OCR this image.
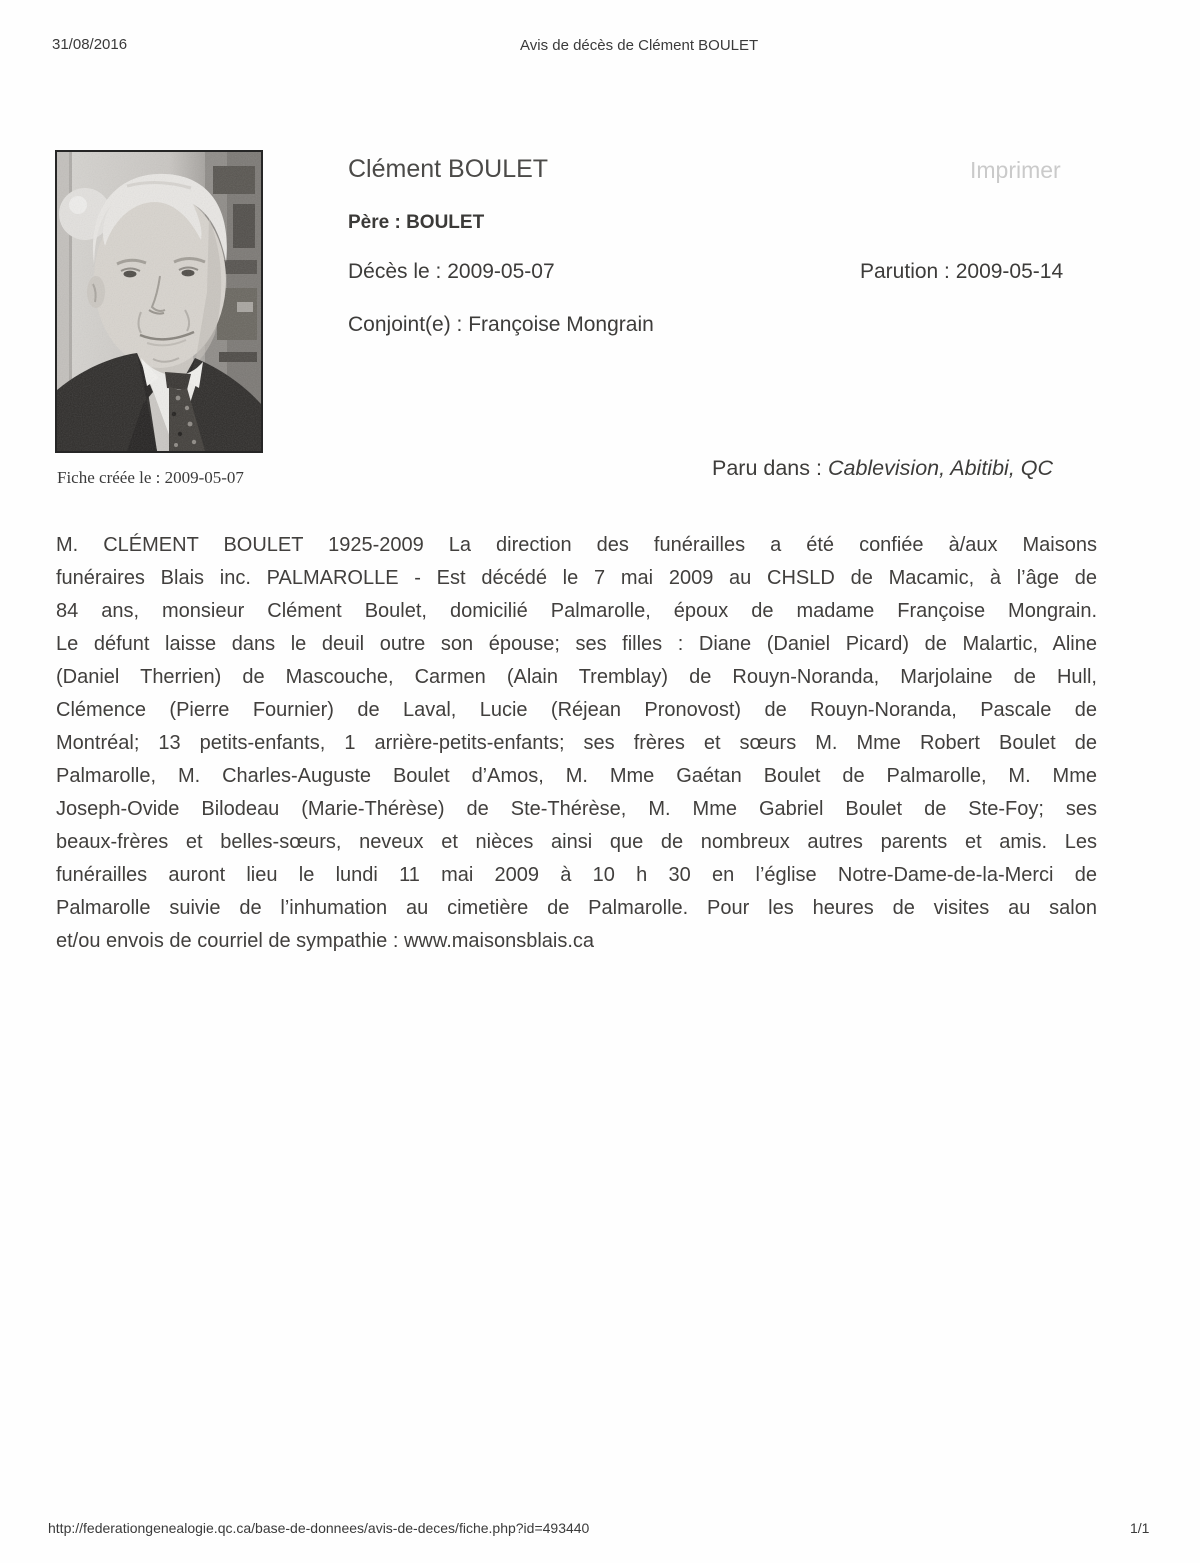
31/08/2016	Avis de décès de Clément BOULET
Fiche créée le : 2009-05-07
Clément BOULET	Imprimer
Père : BOULET
Décès le : 2009-05-07	Parution : 2009-05-14
Conjoint(e) : Françoise Mongrain
Paru dans : Cablevision, Abitibi, QC
M. CLÉMENT BOULET 1925-2009 La direction des funérailles a été confiée à/aux Maisons
funéraires Blais inc. PALMAROLLE - Est décédé le 7 mai 2009 au CHSLD de Macamic, à l’âge de
84 ans, monsieur Clément Boulet, domicilié Palmarolle, époux de madame Françoise Mongrain.
Le défunt laisse dans le deuil outre son épouse; ses filles : Diane (Daniel Picard) de Malartic, Aline
(Daniel Therrien) de Mascouche, Carmen (Alain Tremblay) de Rouyn-Noranda, Marjolaine de Hull,
Clémence (Pierre Fournier) de Laval, Lucie (Réjean Pronovost) de Rouyn-Noranda, Pascale de
Montréal; 13 petits-enfants, 1 arrière-petits-enfants; ses frères et sœurs M. Mme Robert Boulet de
Palmarolle, M. Charles-Auguste Boulet d’Amos, M. Mme Gaétan Boulet de Palmarolle, M. Mme
Joseph-Ovide Bilodeau (Marie-Thérèse) de Ste-Thérèse, M. Mme Gabriel Boulet de Ste-Foy; ses
beaux-frères et belles-sœurs, neveux et nièces ainsi que de nombreux autres parents et amis. Les
funérailles auront lieu le lundi 11 mai 2009 à 10 h 30 en l’église Notre-Dame-de-la-Merci de
Palmarolle suivie de l’inhumation au cimetière de Palmarolle. Pour les heures de visites au salon
et/ou envois de courriel de sympathie : www.maisonsblais.ca
http://federationgenealogie.qc.ca/base-de-donnees/avis-de-deces/fiche.php?id=493440	1/1
